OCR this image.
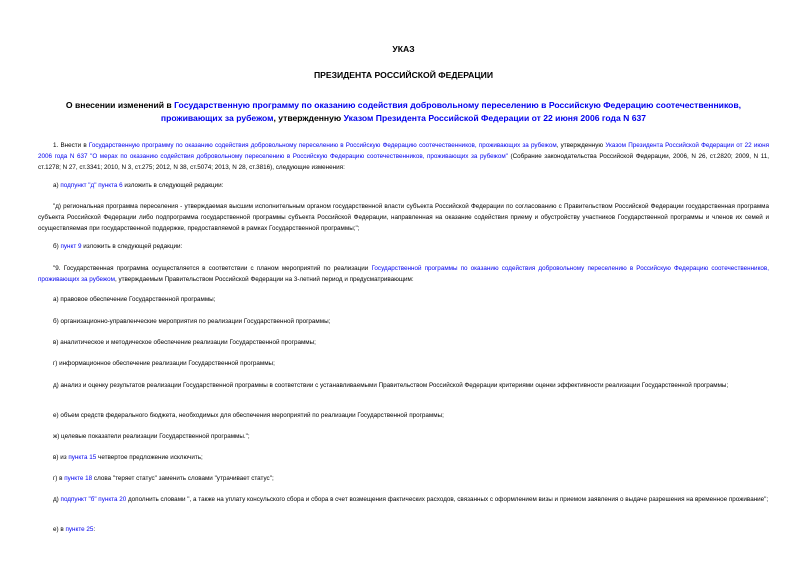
УКАЗ
ПРЕЗИДЕНТА РОССИЙСКОЙ ФЕДЕРАЦИИ
О внесении изменений в Государственную программу по оказанию содействия добровольному переселению в Российскую Федерацию соотечественников, проживающих за рубежом, утвержденную Указом Президента Российской Федерации от 22 июня 2006 года N 637
1. Внести в Государственную программу по оказанию содействия добровольному переселению в Российскую Федерацию соотечественников, проживающих за рубежом, утвержденную Указом Президента Российской Федерации от 22 июня 2006 года N 637 "О мерах по оказанию содействия добровольному переселению в Российскую Федерацию соотечественников, проживающих за рубежом" (Собрание законодательства Российской Федерации, 2006, N 26, ст.2820; 2009, N 11, ст.1278; N 27, ст.3341; 2010, N 3, ст.275; 2012, N 38, ст.5074; 2013, N 28, ст.3816), следующие изменения:
а) подпункт "д" пункта 6 изложить в следующей редакции:
"д) региональная программа переселения - утверждаемая высшим исполнительным органом государственной власти субъекта Российской Федерации по согласованию с Правительством Российской Федерации государственная программа субъекта Российской Федерации либо подпрограмма государственной программы субъекта Российской Федерации, направленная на оказание содействия приему и обустройству участников Государственной программы и членов их семей и осуществляемая при государственной поддержке, предоставляемой в рамках Государственной программы;";
б) пункт 9 изложить в следующей редакции:
"9. Государственная программа осуществляется в соответствии с планом мероприятий по реализации Государственной программы по оказанию содействия добровольному переселению в Российскую Федерацию соотечественников, проживающих за рубежом, утверждаемым Правительством Российской Федерации на 3-летний период и предусматривающим:
а) правовое обеспечение Государственной программы;
б) организационно-управленческие мероприятия по реализации Государственной программы;
в) аналитическое и методическое обеспечение реализации Государственной программы;
г) информационное обеспечение реализации Государственной программы;
д) анализ и оценку результатов реализации Государственной программы в соответствии с устанавливаемыми Правительством Российской Федерации критериями оценки эффективности реализации Государственной программы;
е) объем средств федерального бюджета, необходимых для обеспечения мероприятий по реализации Государственной программы;
ж) целевые показатели реализации Государственной программы.";
в) из пункта 15 четвертое предложение исключить;
г) в пункте 18 слова "теряет статус" заменить словами "утрачивает статус";
д) подпункт "б" пункта 20 дополнить словами ", а также на уплату консульского сбора и сбора в счет возмещения фактических расходов, связанных с оформлением визы и приемом заявления о выдаче разрешения на временное проживание";
е) в пункте 25:
